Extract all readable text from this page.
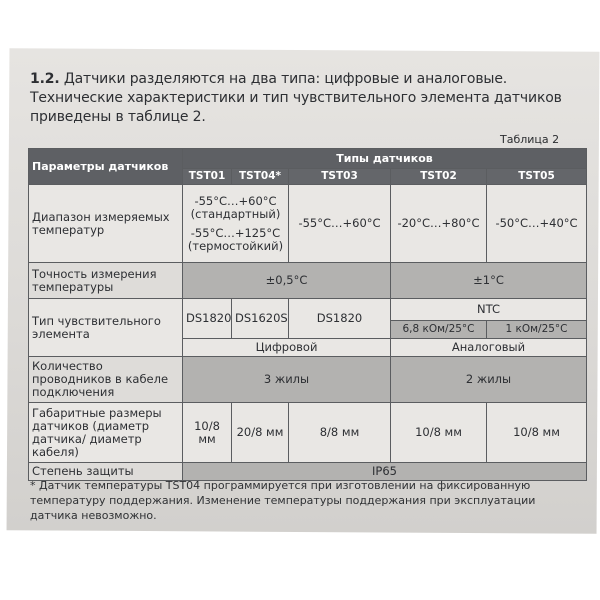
1.2. Датчики разделяются на два типа: цифровые и аналоговые. Технические характеристики и тип чувствительного элемента датчиков приведены в таблице 2.
Таблица 2
Параметры датчиков	Типы датчиков				
	TST01	TST04*	TST03	TST02	TST05
Диапазон измеряемых температур	-55°C…+60°C
(стандартный)
-55°C…+125°C
(термостойкий)		-55°C…+60°C	-20°C…+80°C	-50°C…+40°C
Точность измерения температуры	±0,5°C			±1°C	
Тип чувствительного элемента	DS1820	DS1620S	DS1820	NTC	
				6,8 кОм/25°C	1 кОм/25°C
	Цифровой			Аналоговый	
Количество проводников в кабеле подключения	3 жилы			2 жилы	
Габаритные размеры датчиков (диаметр датчика/ диаметр кабеля)	10/8 мм	20/8 мм	8/8 мм	10/8 мм	10/8 мм
Степень защиты	IP65				
* Датчик температуры TST04 программируется при изготовлении на фиксированную температуру поддержания. Изменение температуры поддержания при эксплуатации датчика невозможно.
